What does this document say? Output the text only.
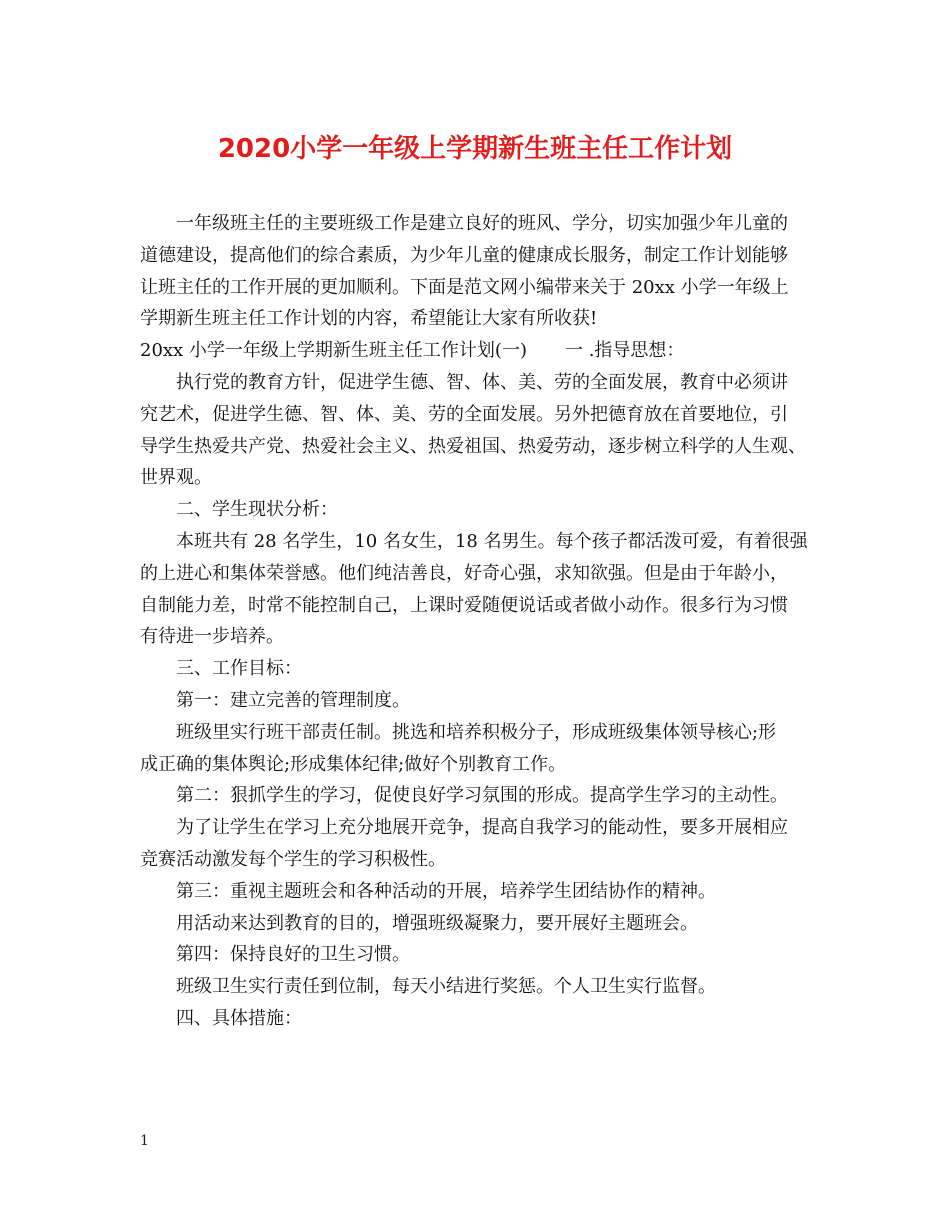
2020小学一年级上学期新生班主任工作计划
一年级班主任的主要班级工作是建立良好的班风、学分，切实加强少年儿童的
道德建设，提高他们的综合素质，为少年儿童的健康成长服务，制定工作计划能够
让班主任的工作开展的更加顺利。下面是范文网小编带来关于 20xx 小学一年级上
学期新生班主任工作计划的内容，希望能让大家有所收获!
20xx 小学一年级上学期新生班主任工作计划(一) 一 .指导思想：
执行党的教育方针，促进学生德、智、体、美、劳的全面发展，教育中必须讲
究艺术，促进学生德、智、体、美、劳的全面发展。另外把德育放在首要地位，引
导学生热爱共产党、热爱社会主义、热爱祖国、热爱劳动，逐步树立科学的人生观、
世界观。
二、学生现状分析：
本班共有 28 名学生，10 名女生，18 名男生。每个孩子都活泼可爱，有着很强
的上进心和集体荣誉感。他们纯洁善良，好奇心强，求知欲强。但是由于年龄小，
自制能力差，时常不能控制自己，上课时爱随便说话或者做小动作。很多行为习惯
有待进一步培养。
三、工作目标：
第一：建立完善的管理制度。
班级里实行班干部责任制。挑选和培养积极分子，形成班级集体领导核心;形
成正确的集体舆论;形成集体纪律;做好个别教育工作。
第二：狠抓学生的学习，促使良好学习氛围的形成。提高学生学习的主动性。
为了让学生在学习上充分地展开竞争，提高自我学习的能动性，要多开展相应
竞赛活动激发每个学生的学习积极性。
第三：重视主题班会和各种活动的开展，培养学生团结协作的精神。
用活动来达到教育的目的，增强班级凝聚力，要开展好主题班会。
第四：保持良好的卫生习惯。
班级卫生实行责任到位制，每天小结进行奖惩。个人卫生实行监督。
四、具体措施：
1
